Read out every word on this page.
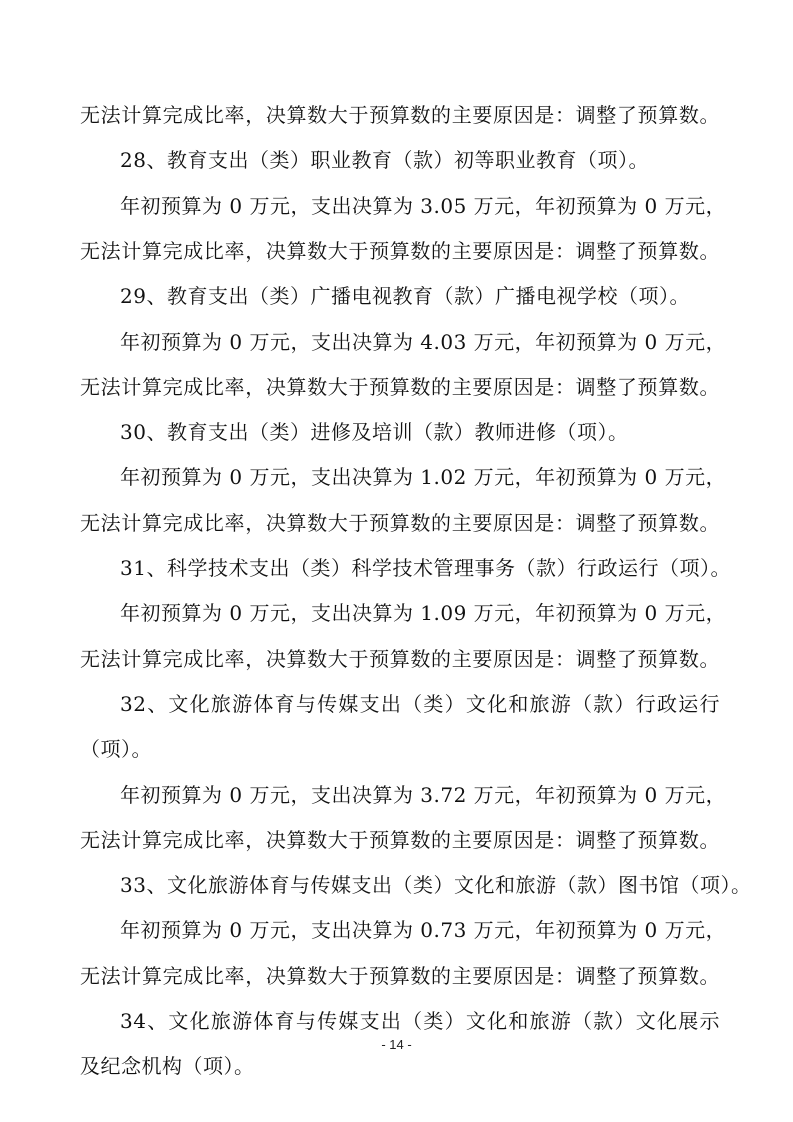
无法计算完成比率，决算数大于预算数的主要原因是：调整了预算数。
28、教育支出（类）职业教育（款）初等职业教育（项）。
年初预算为 0 万元，支出决算为 3.05 万元，年初预算为 0 万元，
无法计算完成比率，决算数大于预算数的主要原因是：调整了预算数。
29、教育支出（类）广播电视教育（款）广播电视学校（项）。
年初预算为 0 万元，支出决算为 4.03 万元，年初预算为 0 万元，
无法计算完成比率，决算数大于预算数的主要原因是：调整了预算数。
30、教育支出（类）进修及培训（款）教师进修（项）。
年初预算为 0 万元，支出决算为 1.02 万元，年初预算为 0 万元，
无法计算完成比率，决算数大于预算数的主要原因是：调整了预算数。
31、科学技术支出（类）科学技术管理事务（款）行政运行（项）。
年初预算为 0 万元，支出决算为 1.09 万元，年初预算为 0 万元，
无法计算完成比率，决算数大于预算数的主要原因是：调整了预算数。
32、文化旅游体育与传媒支出（类）文化和旅游（款）行政运行
（项）。
年初预算为 0 万元，支出决算为 3.72 万元，年初预算为 0 万元，
无法计算完成比率，决算数大于预算数的主要原因是：调整了预算数。
33、文化旅游体育与传媒支出（类）文化和旅游（款）图书馆（项）。
年初预算为 0 万元，支出决算为 0.73 万元，年初预算为 0 万元，
无法计算完成比率，决算数大于预算数的主要原因是：调整了预算数。
34、文化旅游体育与传媒支出（类）文化和旅游（款）文化展示
- 14 -
及纪念机构（项）。
